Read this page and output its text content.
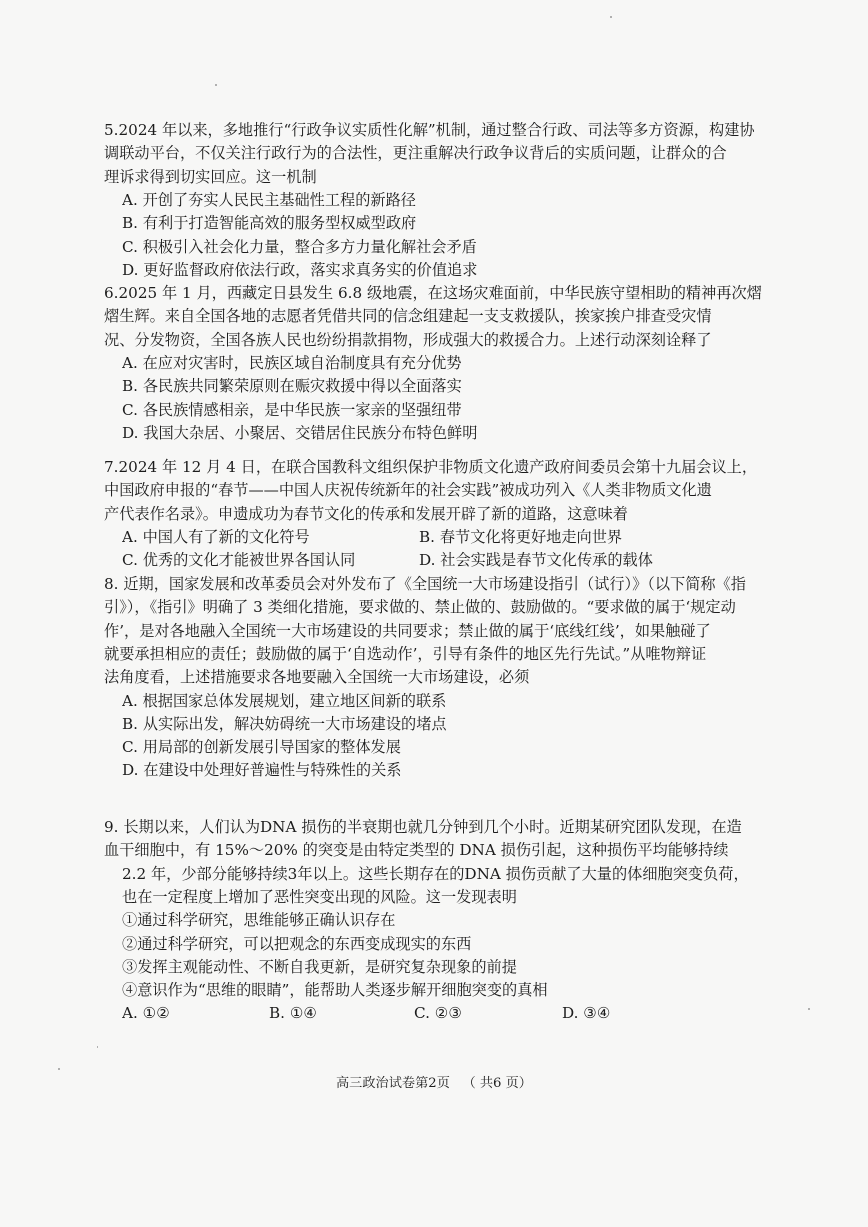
5.2024 年以来，多地推行“行政争议实质性化解”机制，通过整合行政、司法等多方资源，构建协
调联动平台，不仅关注行政行为的合法性，更注重解决行政争议背后的实质问题，让群众的合
理诉求得到切实回应。这一机制
A. 开创了夯实人民民主基础性工程的新路径
B. 有利于打造智能高效的服务型权威型政府
C. 积极引入社会化力量，整合多方力量化解社会矛盾
D. 更好监督政府依法行政，落实求真务实的价值追求
6.2025 年 1 月，西藏定日县发生 6.8 级地震，在这场灾难面前，中华民族守望相助的精神再次熠
熠生辉。来自全国各地的志愿者凭借共同的信念组建起一支支救援队，挨家挨户排查受灾情
况、分发物资，全国各族人民也纷纷捐款捐物，形成强大的救援合力。上述行动深刻诠释了
A. 在应对灾害时，民族区域自治制度具有充分优势
B. 各民族共同繁荣原则在赈灾救援中得以全面落实
C. 各民族情感相亲，是中华民族一家亲的坚强纽带
D. 我国大杂居、小聚居、交错居住民族分布特色鲜明
7.2024 年 12 月 4 日，在联合国教科文组织保护非物质文化遗产政府间委员会第十九届会议上，
中国政府申报的“春节——中国人庆祝传统新年的社会实践”被成功列入《人类非物质文化遗
产代表作名录》。申遗成功为春节文化的传承和发展开辟了新的道路，这意味着
A. 中国人有了新的文化符号	B. 春节文化将更好地走向世界
C. 优秀的文化才能被世界各国认同	D. 社会实践是春节文化传承的载体
8. 近期，国家发展和改革委员会对外发布了《全国统一大市场建设指引（试行）》（以下简称《指
引》），《指引》明确了 3 类细化措施，要求做的、禁止做的、鼓励做的。“要求做的属于‘规定动
作’，是对各地融入全国统一大市场建设的共同要求；禁止做的属于‘底线红线’，如果触碰了
就要承担相应的责任；鼓励做的属于‘自选动作’，引导有条件的地区先行先试。”从唯物辩证
法角度看，上述措施要求各地要融入全国统一大市场建设，必须
A. 根据国家总体发展规划，建立地区间新的联系
B. 从实际出发，解决妨碍统一大市场建设的堵点
C. 用局部的创新发展引导国家的整体发展
D. 在建设中处理好普遍性与特殊性的关系
9. 长期以来，人们认为DNA 损伤的半衰期也就几分钟到几个小时。近期某研究团队发现，在造
血干细胞中，有 15%～20% 的突变是由特定类型的 DNA 损伤引起，这种损伤平均能够持续
2.2 年，少部分能够持续3年以上。这些长期存在的DNA 损伤贡献了大量的体细胞突变负荷，
也在一定程度上增加了恶性突变出现的风险。这一发现表明
①通过科学研究，思维能够正确认识存在
②通过科学研究，可以把观念的东西变成现实的东西
③发挥主观能动性、不断自我更新，是研究复杂现象的前提
④意识作为“思维的眼睛”，能帮助人类逐步解开细胞突变的真相
A. ①②	B. ①④	C. ②③	D. ③④
高三政治试卷第2页   （ 共6 页）
